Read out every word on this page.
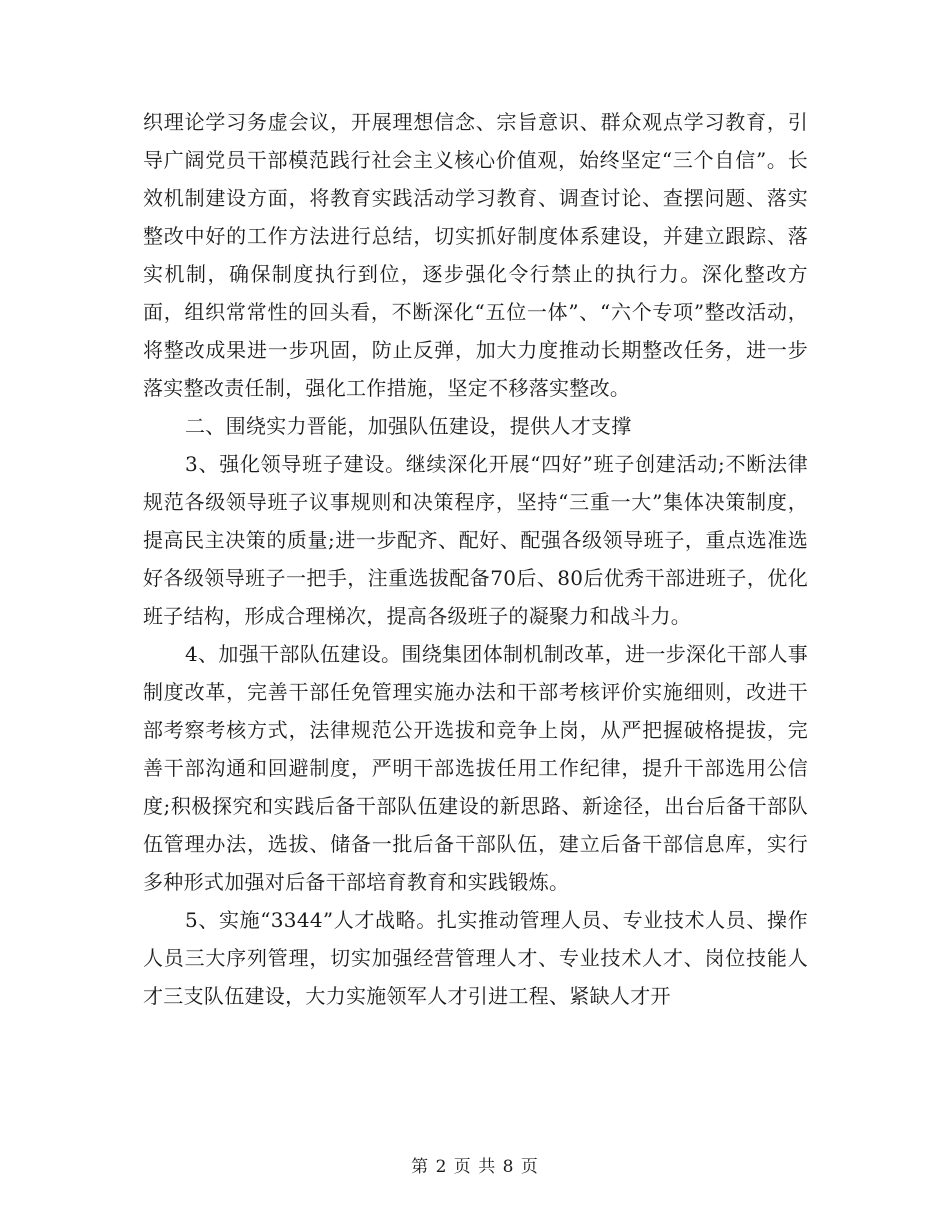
织理论学习务虚会议，开展理想信念、宗旨意识、群众观点学习教育，引导广阔党员干部模范践行社会主义核心价值观，始终坚定“三个自信”。长效机制建设方面，将教育实践活动学习教育、调查讨论、查摆问题、落实整改中好的工作方法进行总结，切实抓好制度体系建设，并建立跟踪、落实机制，确保制度执行到位，逐步强化令行禁止的执行力。深化整改方面，组织常常性的回头看，不断深化“五位一体”、“六个专项”整改活动，将整改成果进一步巩固，防止反弹，加大力度推动长期整改任务，进一步落实整改责任制，强化工作措施，坚定不移落实整改。

二、围绕实力晋能，加强队伍建设，提供人才支撑

3、强化领导班子建设。继续深化开展“四好”班子创建活动;不断法律规范各级领导班子议事规则和决策程序，坚持“三重一大”集体决策制度，提高民主决策的质量;进一步配齐、配好、配强各级领导班子，重点选准选好各级领导班子一把手，注重选拔配备70后、80后优秀干部进班子，优化班子结构，形成合理梯次，提高各级班子的凝聚力和战斗力。

4、加强干部队伍建设。围绕集团体制机制改革，进一步深化干部人事制度改革，完善干部任免管理实施办法和干部考核评价实施细则，改进干部考察考核方式，法律规范公开选拔和竞争上岗，从严把握破格提拔，完善干部沟通和回避制度，严明干部选拔任用工作纪律，提升干部选用公信度;积极探究和实践后备干部队伍建设的新思路、新途径，出台后备干部队伍管理办法，选拔、储备一批后备干部队伍，建立后备干部信息库，实行多种形式加强对后备干部培育教育和实践锻炼。

5、实施“3344”人才战略。扎实推动管理人员、专业技术人员、操作人员三大序列管理，切实加强经营管理人才、专业技术人才、岗位技能人才三支队伍建设，大力实施领军人才引进工程、紧缺人才开

第 2 页 共 8 页
